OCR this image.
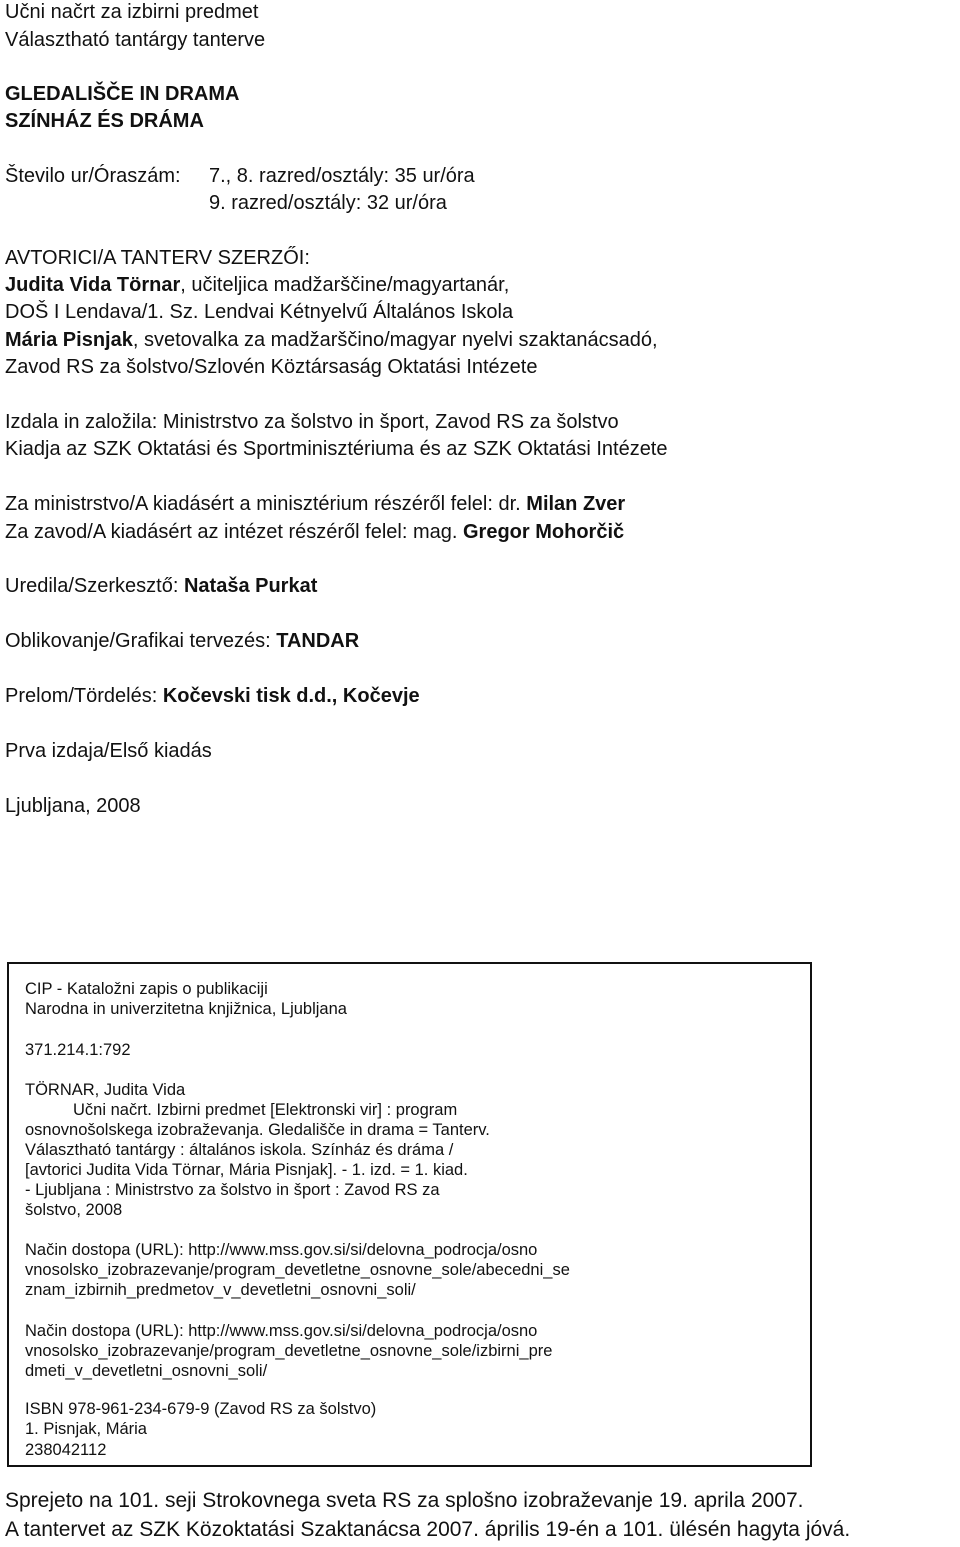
Učni načrt za izbirni predmet
Választható tantárgy tanterve
GLEDALIŠČE IN DRAMA
SZÍNHÁZ ÉS DRÁMA
Število ur/Óraszám: 7., 8. razred/osztály: 35 ur/óra
9. razred/osztály: 32 ur/óra
AVTORICI/A TANTERV SZERZŐI:
Judita Vida Törnar, učiteljica madžarščine/magyartanár,
DOŠ I Lendava/1. Sz. Lendvai Kétnyelvű Általános Iskola
Mária Pisnjak, svetovalka za madžarščino/magyar nyelvi szaktanácsadó,
Zavod RS za šolstvo/Szlovén Köztársaság Oktatási Intézete
Izdala in založila: Ministrstvo za šolstvo in šport, Zavod RS za šolstvo
Kiadja az SZK Oktatási és Sportminisztériuma és az SZK Oktatási Intézete
Za ministrstvo/A kiadásért a minisztérium részéről felel: dr. Milan Zver
Za zavod/A kiadásért az intézet részéről felel: mag. Gregor Mohorčič
Uredila/Szerkesztő: Nataša Purkat
Oblikovanje/Grafikai tervezés: TANDAR
Prelom/Tördelés: Kočevski tisk d.d., Kočevje
Prva izdaja/Első kiadás
Ljubljana, 2008
CIP - Kataložni zapis o publikaciji
Narodna in univerzitetna knjižnica, Ljubljana
371.214.1:792
TÖRNAR, Judita Vida
Učni načrt. Izbirni predmet [Elektronski vir] : program
osnovnošolskega izobraževanja. Gledališče in drama = Tanterv.
Választható tantárgy : általános iskola. Színház és dráma /
[avtorici Judita Vida Törnar, Mária Pisnjak]. - 1. izd. = 1. kiad.
- Ljubljana : Ministrstvo za šolstvo in šport : Zavod RS za
šolstvo, 2008
Način dostopa (URL): http://www.mss.gov.si/si/delovna_podrocja/osno
vnosolsko_izobrazevanje/program_devetletne_osnovne_sole/abecedni_se
znam_izbirnih_predmetov_v_devetletni_osnovni_soli/
Način dostopa (URL): http://www.mss.gov.si/si/delovna_podrocja/osno
vnosolsko_izobrazevanje/program_devetletne_osnovne_sole/izbirni_pre
dmeti_v_devetletni_osnovni_soli/
ISBN 978-961-234-679-9 (Zavod RS za šolstvo)
1. Pisnjak, Mária
238042112
Sprejeto na 101. seji Strokovnega sveta RS za splošno izobraževanje 19. aprila 2007.
A tantervet az SZK Közoktatási Szaktanácsa 2007. április 19-én a 101. ülésén hagyta jóvá.
